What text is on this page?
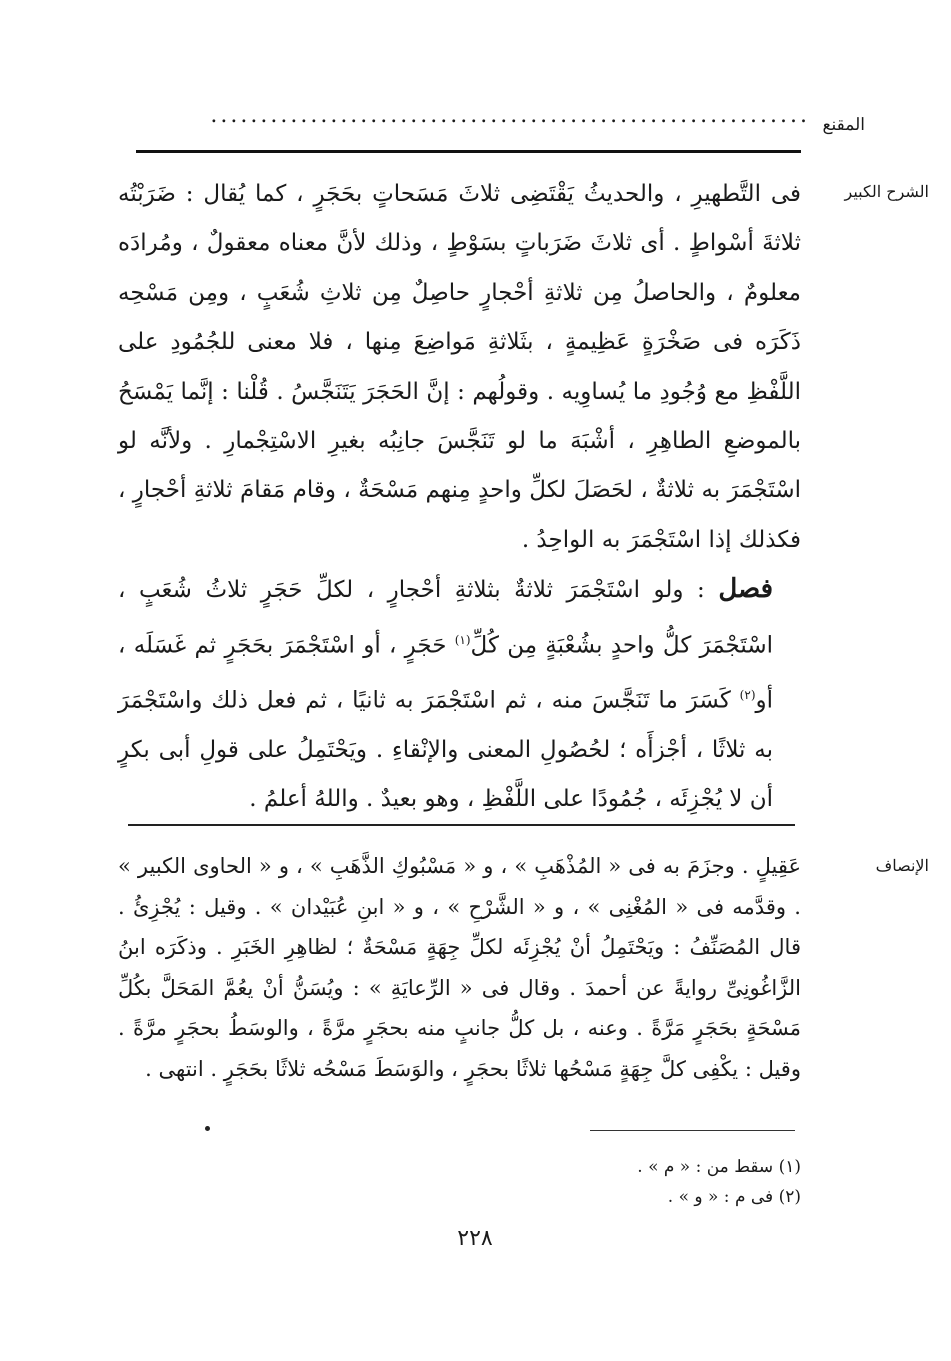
المقنع
............................................................
الشرح الكبير

فى التَّطهيرِ ، والحديثُ يَقْتَضِى ثلاثَ مَسَحاتٍ بحَجَرٍ ، كما يُقال : ضَرَبْتُه ثلاثةَ أسْواطٍ . أى ثلاثَ ضَرَباتٍ بسَوْطٍ ، وذلك لأنَّ معناه معقولٌ ، ومُرادَه معلومٌ ، والحاصلُ مِن ثلاثةِ أحْجارٍ حاصِلٌ مِن ثلاثِ شُعَبٍ ، ومِن مَسْحِه ذَكَرَه فى صَخْرَةٍ عَظِيمةٍ ، بثَلاثةِ مَواضِعَ مِنها ، فلا معنى للجُمُودِ على اللَّفْظِ مع وُجُودِ ما يُساوِيه . وقولُهم : إنَّ الحَجَرَ يَتَنَجَّسُ . قُلْنا : إنَّما يَمْسَحُ بالموضعِ الطاهِرِ ، أشْبَهَ ما لو تَنَجَّسَ جانِبُه بغيرِ الاسْتِجْمارِ . ولأنَّه لو اسْتَجْمَرَ به ثلاثةٌ ، لحَصَلَ لكلِّ واحدٍ مِنهم مَسْحَةٌ ، وقام مَقامَ ثلاثةِ أحْجارٍ ، فكذلك إذا اسْتَجْمَرَ به الواحِدُ .

فصل : ولو اسْتَجْمَرَ ثلاثةٌ بثلاثةِ أحْجارٍ ، لكلِّ حَجَرٍ ثلاثُ شُعَبٍ ، اسْتَجْمَرَ كلُّ واحدٍ بشُعْبَةٍ مِن كُلِّ$^{(١)}$ حَجَرٍ ، أو اسْتَجْمَرَ بحَجَرٍ ثم غَسَلَه ، أو$^{(٢)}$ كَسَرَ ما تَنَجَّسَ منه ، ثم اسْتَجْمَرَ به ثانيًا ، ثم فعل ذلك واسْتَجْمَرَ به ثلاثًا ، أجْزأَه ؛ لحُصُولِ المعنى والإنْقاءِ . ويَحْتَمِلُ على قولِ أبى بكرٍ أن لا يُجْزِئَه ، جُمُودًا على اللَّفْظِ ، وهو بعيدٌ . واللهُ أعلمُ .

الإنصاف

عَقِيلٍ . وجزَمَ به فى « المُذْهَبِ » ، و « مَسْبُوكِ الذَّهَبِ » ، و « الحاوى الكبير » . وقدَّمه فى « المُغْنِى » ، و « الشَّرْحِ » ، و « ابنِ عُبَيْدان » . وقيل : يُجْزِئُ . قال المُصَنِّفُ : ويَحْتَمِلُ أنْ يُجْزِئَه لكلِّ جِهَةٍ مَسْحَةٌ ؛ لظاهِرِ الخَبَرِ . وذكَرَه ابنُ الزَّاغُونِىِّ روايةً عن أحمدَ . وقال فى « الرِّعايَةِ » : ويُسَنُّ أنْ يعُمَّ المَحَلَّ بكُلِّ مَسْحَةٍ بحَجَرٍ مَرَّةً . وعنه ، بل كلُّ جانبٍ منه بحجَرٍ مرَّةً ، والوسَطُ بحجَرٍ مرَّةً . وقيل : يكْفِى كلَّ جِهَةٍ مَسْحُها ثلاثًا بحجَرٍ ، والوَسَطَ مَسْحُه ثلاثًا بحَجَرٍ . انتهى .

(١) سقط من : « م » .
(٢) فى م : « و » .
٢٢٨
